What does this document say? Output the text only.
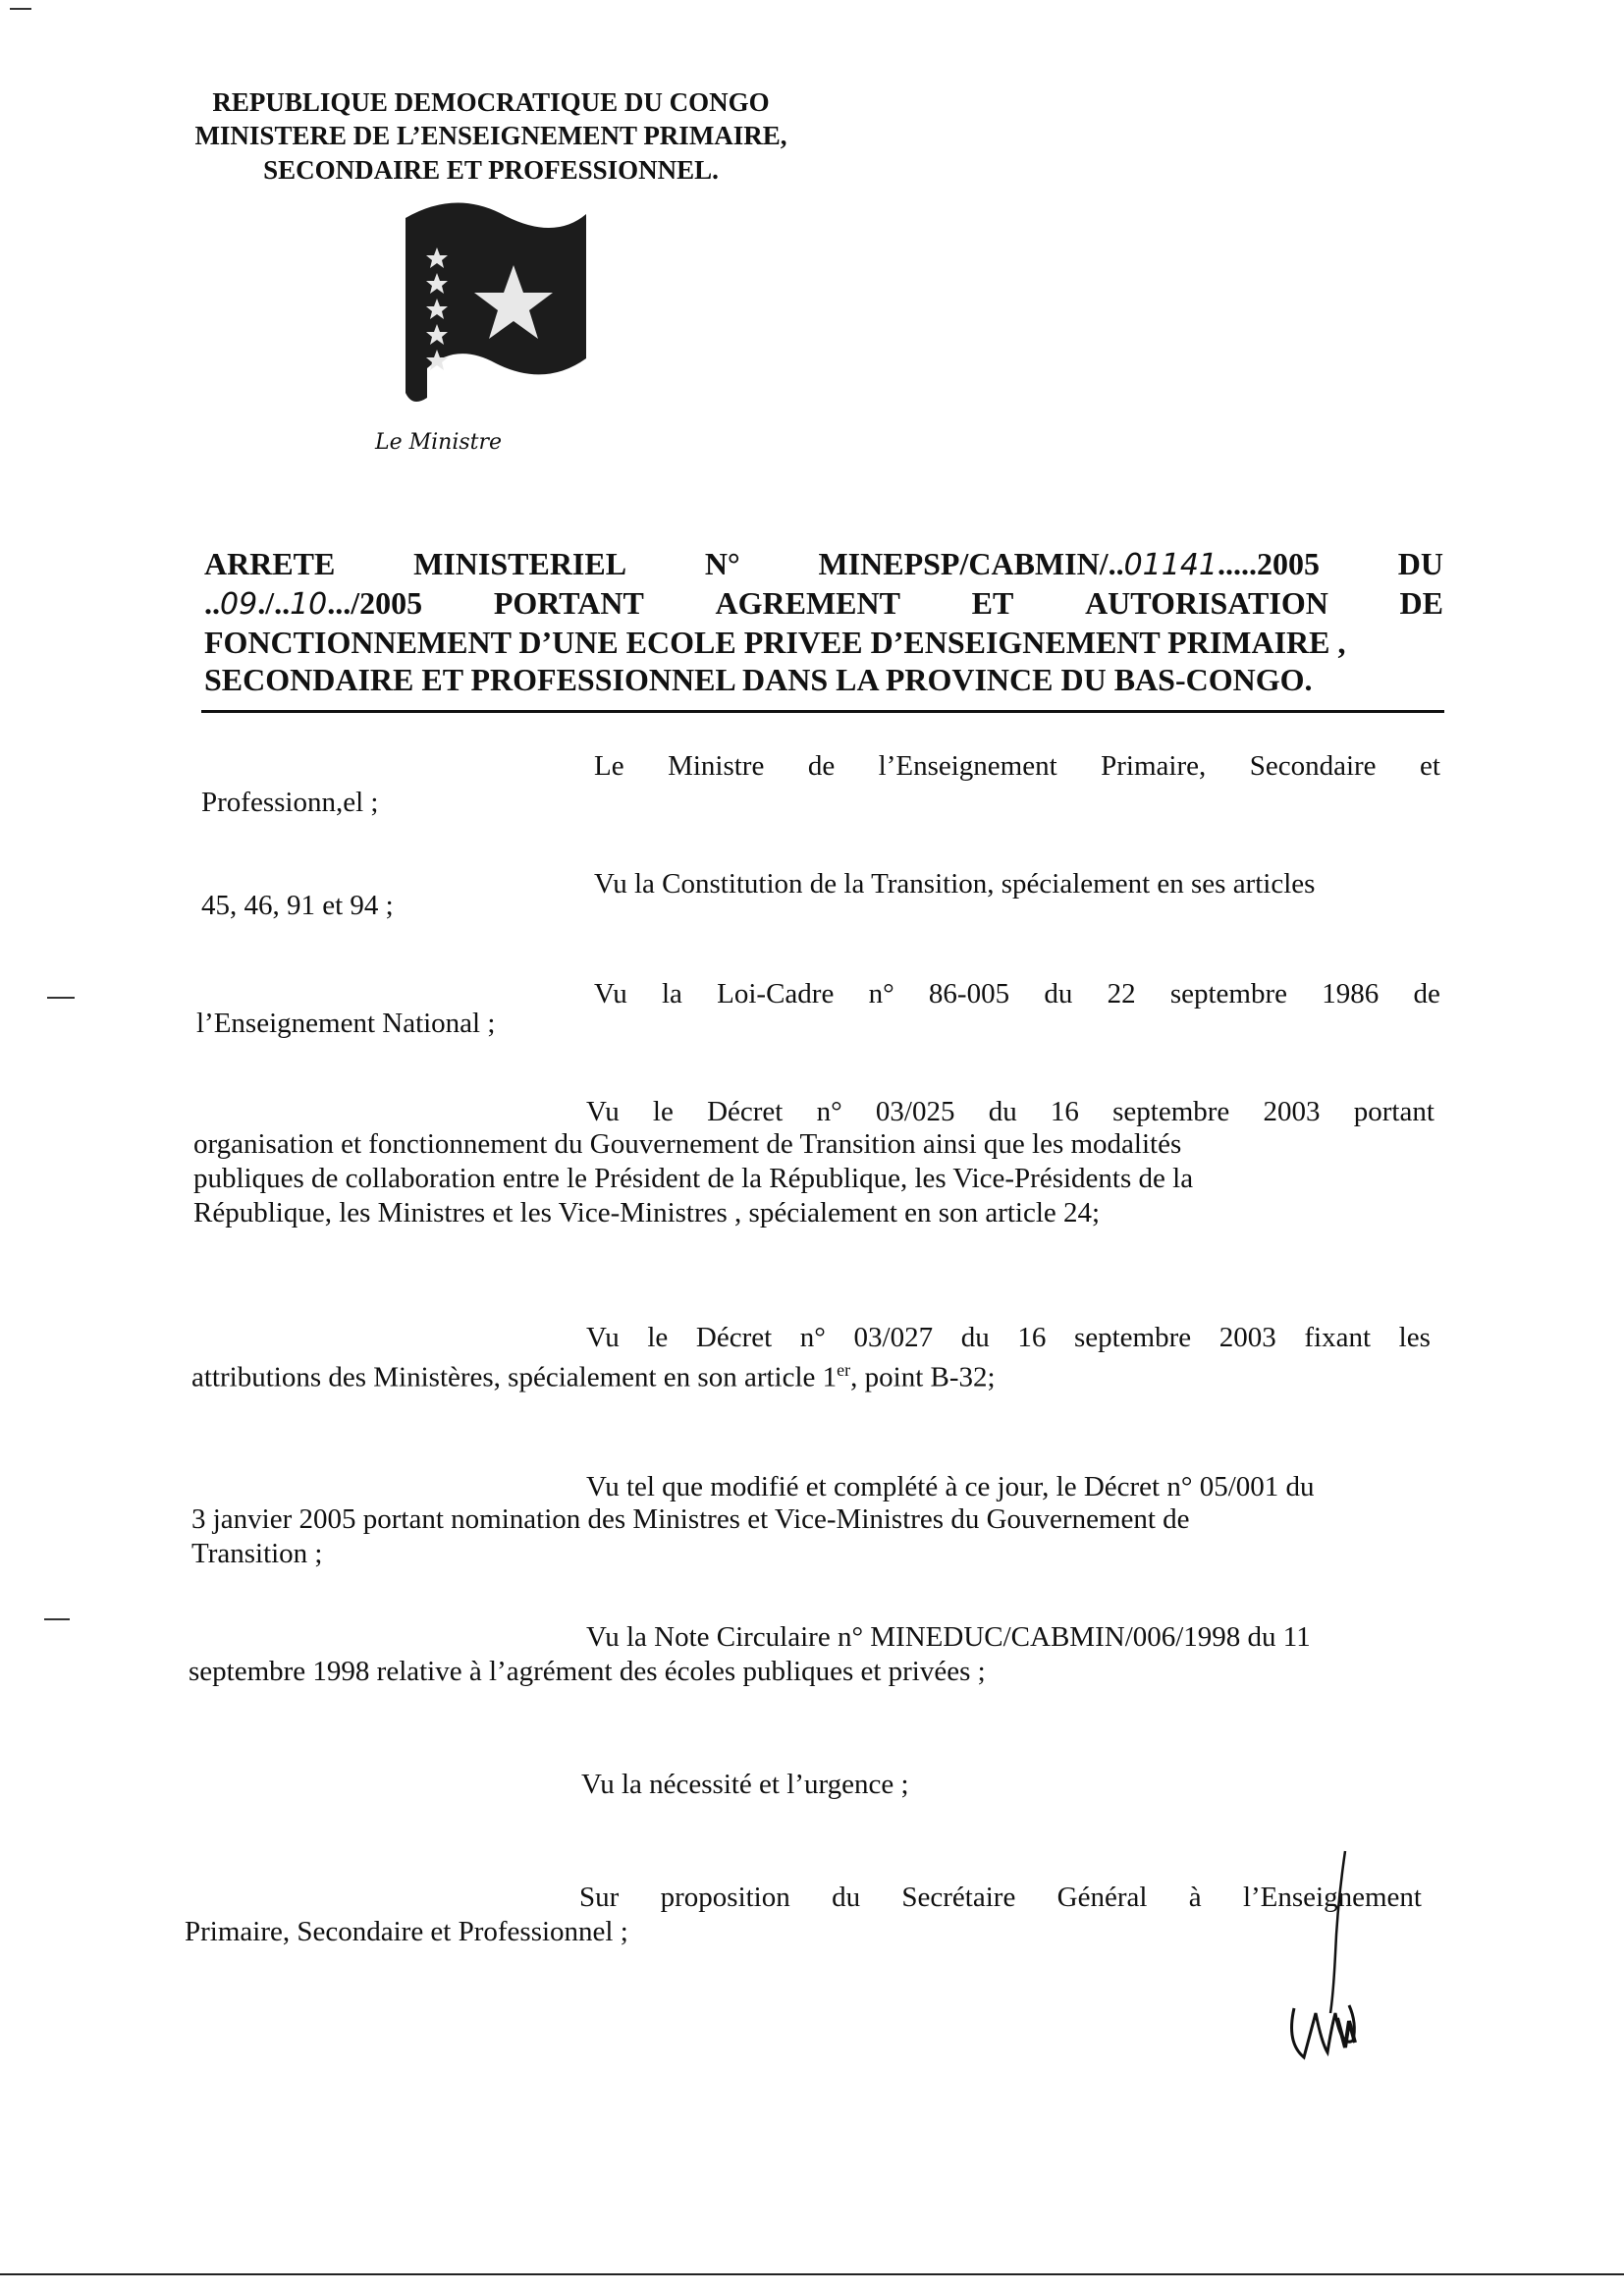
REPUBLIQUE DEMOCRATIQUE DU CONGO
MINISTERE DE L’ENSEIGNEMENT PRIMAIRE,
SECONDAIRE ET PROFESSIONNEL.
Le Ministre
ARRETE MINISTERIEL N° MINEPSP/CABMIN/..01141.....2005 DU
..09./..10.../2005 PORTANT AGREMENT ET AUTORISATION DE
FONCTIONNEMENT D’UNE ECOLE PRIVEE D’ENSEIGNEMENT PRIMAIRE ,
SECONDAIRE ET PROFESSIONNEL DANS LA PROVINCE DU BAS-CONGO.
Le Ministre de l’Enseignement Primaire, Secondaire et
Professionn,el ;
Vu la Constitution de la Transition, spécialement en ses articles
45, 46, 91 et 94 ;
Vu la Loi-Cadre n° 86-005 du 22 septembre 1986 de
l’Enseignement National ;
Vu le Décret n° 03/025 du 16 septembre 2003 portant
organisation et fonctionnement du Gouvernement de Transition ainsi que les modalités
publiques de collaboration entre le Président de la République, les Vice-Présidents de la
République, les Ministres et les Vice-Ministres , spécialement en son article 24;
Vu le Décret n° 03/027 du 16 septembre 2003 fixant les
attributions des Ministères, spécialement en son article 1er, point B-32;
Vu tel que modifié et complété à ce jour, le Décret n° 05/001 du
3 janvier 2005 portant nomination des Ministres et Vice-Ministres du Gouvernement de
Transition ;
Vu la Note Circulaire n° MINEDUC/CABMIN/006/1998 du 11
septembre 1998 relative à l’agrément des écoles publiques et privées ;
Vu la nécessité et l’urgence ;
Sur proposition du Secrétaire Général à l’Enseignement
Primaire, Secondaire et Professionnel ;
